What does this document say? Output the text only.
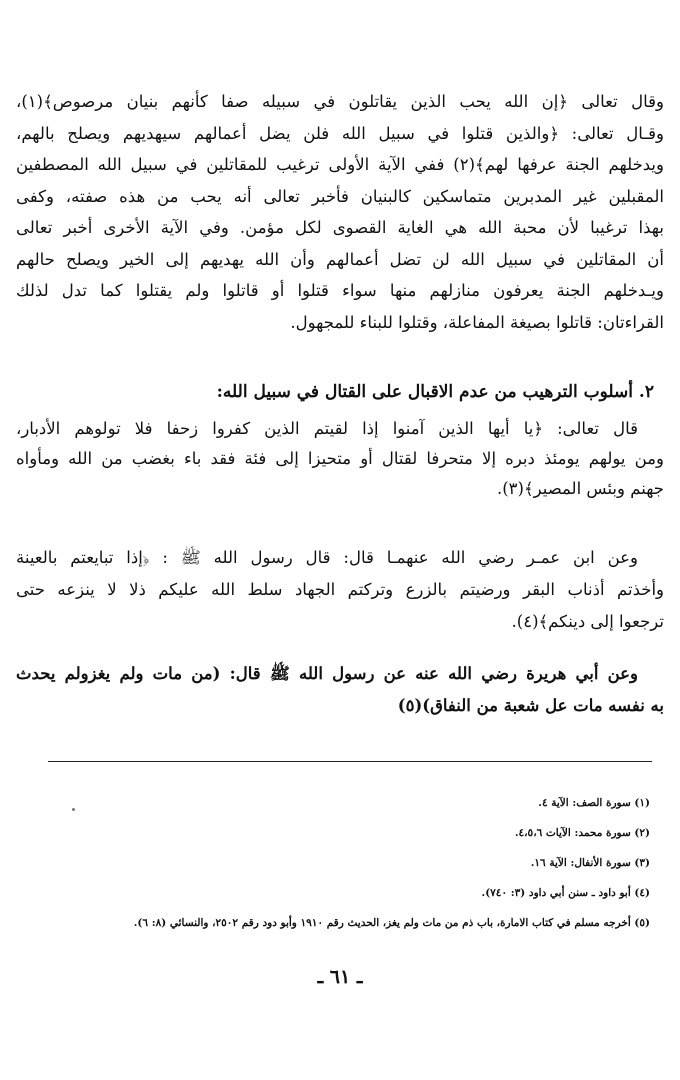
وقال تعالى ﴿إن الله يحب الذين يقاتلون في سبيله صفا كأنهم بنيان مرصوص﴾(١)،
وقـال تعالى: ﴿والذين قتلوا في سبيل الله فلن يضل أعمالهم سيهديهم ويصلح بالهم،
ويدخلهم الجنة عرفها لهم﴾(٢) ففي الآية الأولى ترغيب للمقاتلين في سبيل الله المصطفين
المقبلين غير المدبرين متماسكين كالبنيان فأخبر تعالى أنه يحب من هذه صفته، وكفى
بهذا ترغيبا لأن محبة الله هي الغاية القصوى لكل مؤمن. وفي الآية الأخرى أخبر تعالى
أن المقاتلين في سبيل الله لن تضل أعمالهم وأن الله يهديهم إلى الخير ويصلح حالهم
ويـدخلهم الجنة يعرفون منازلهم منها سواء قتلوا أو قاتلوا ولم يقتلوا كما تدل لذلك
القراءتان: قاتلوا بصيغة المفاعلة، وقتلوا للبناء للمجهول.
٢. أسلوب الترهيب من عدم الاقبال على القتال في سبيل الله:
قال تعالى: ﴿يا أيها الذين آمنوا إذا لقيتم الذين كفروا زحفا فلا تولوهم الأدبار،
ومن يولهم يومئذ دبره إلا متحرفا لقتال أو متحيزا إلى فئة فقد باء بغضب من الله ومأواه
جهنم وبئس المصير﴾(٣).
وعن ابن عمـر رضي الله عنهمـا قال: قال رسول الله ﷺ : ﴿إذا تبايعتم بالعينة
وأخذتم أذناب البقر ورضيتم بالزرع وتركتم الجهاد سلط الله عليكم ذلا لا ينزعه حتى
ترجعوا إلى دينكم﴾(٤).
وعن أبي هريرة رضي الله عنه عن رسول الله ﷺ قال: (من مات ولم يغزولم يحدث
به نفسه مات عل شعبة من النفاق)(٥)
(١) سورة الصف: الآية ٤.
(٢) سورة محمد: الآيات ٤،٥،٦.
(٣) سورة الأنفال: الآية ١٦.
(٤) أبو داود ـ سنن أبي داود (٣: ٧٤٠).
(٥) أخرجه مسلم في كتاب الامارة، باب ذم من مات ولم يغز، الحديث رقم ١٩١٠ وأبو دود رقم ٢٥٠٢، والنسائي (٨: ٦).
ـ ٦١ ـ
